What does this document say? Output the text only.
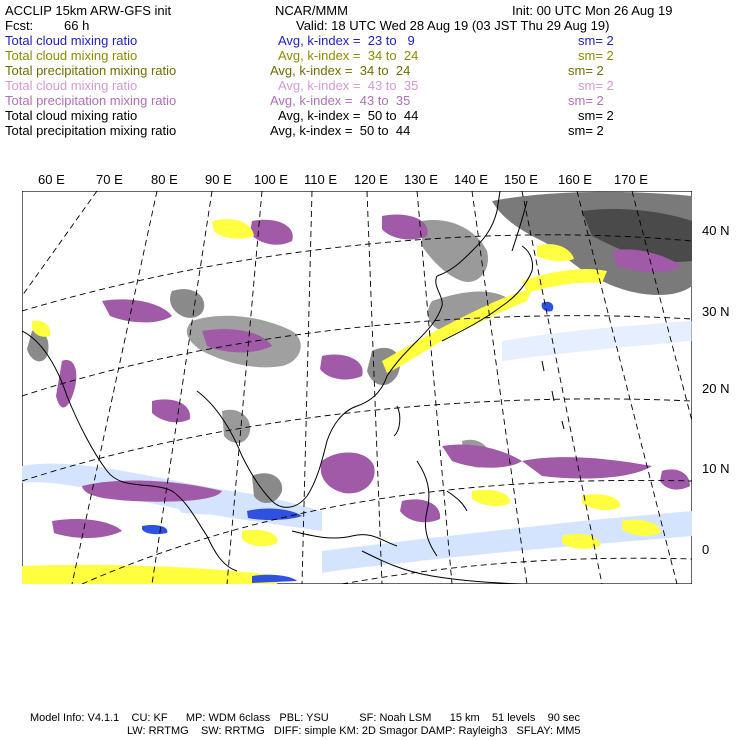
ACCLIP 15km ARW-GFS init	NCAR/MMM	Init: 00 UTC Mon 26 Aug 19
Fcst: 66 h	Valid: 18 UTC Wed 28 Aug 19 (03 JST Thu 29 Aug 19)
Total cloud mixing ratio	Avg, k-index =  23 to   9	sm= 2
Total cloud mixing ratio	Avg, k-index =  34 to  24	sm= 2
Total precipitation mixing ratio	Avg, k-index =  34 to  24	sm= 2
Total cloud mixing ratio	Avg, k-index =  43 to  35	sm= 2
Total precipitation mixing ratio	Avg, k-index =  43 to  35	sm= 2
Total cloud mixing ratio	Avg, k-index =  50 to  44	sm= 2
Total precipitation mixing ratio	Avg, k-index =  50 to  44	sm= 2
60 E 70 E 80 E 90 E 100 E 110 E 120 E 130 E 140 E 150 E 160 E 170 E
40 N
30 N
20 N
10 N
0
Model Info: V4.1.1    CU: KF      MP: WDM 6class   PBL: YSU          SF: Noah LSM      15 km    51 levels    90 sec
LW: RRTMG    SW: RRTMG   DIFF: simple KM: 2D Smagor DAMP: Rayleigh3   SFLAY: MM5
